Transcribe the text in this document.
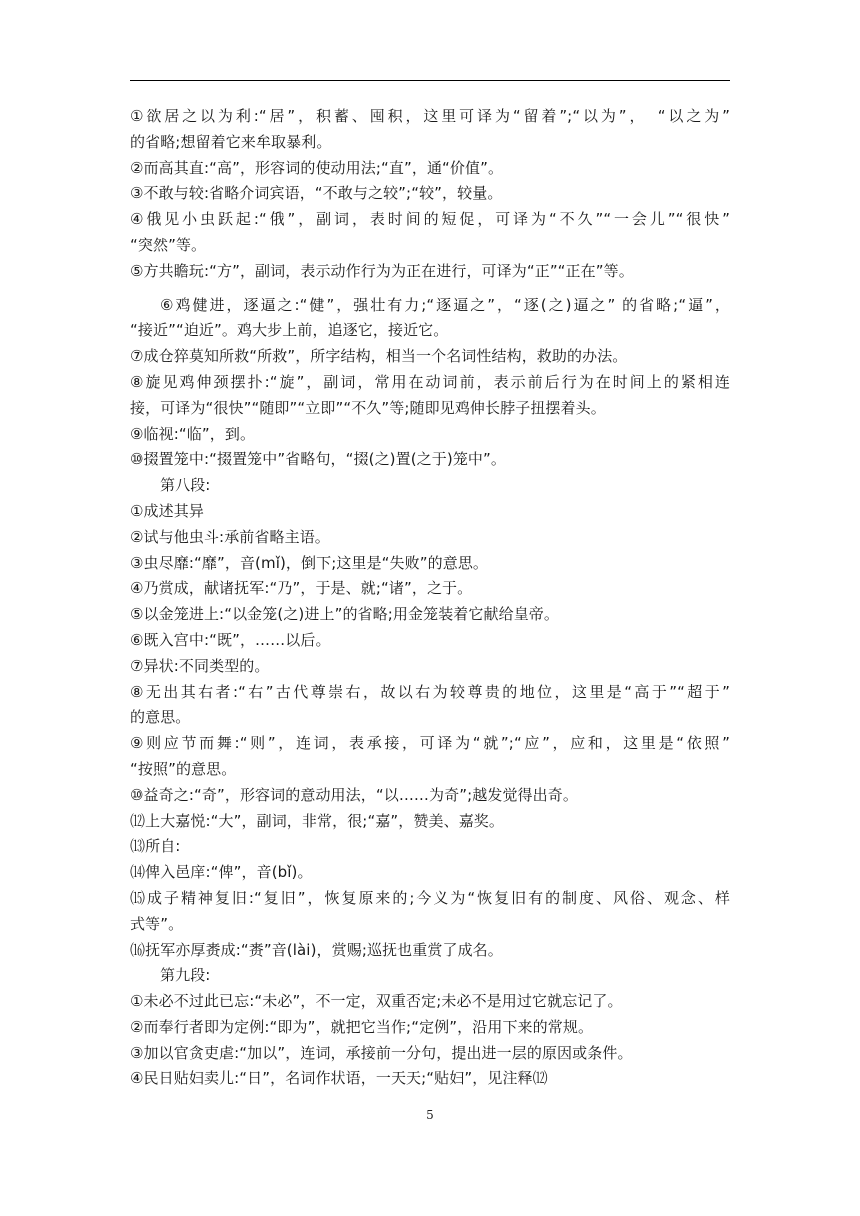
①欲居之以为利:“居”，积蓄、囤积，这里可译为“留着”;“以为”，　“以之为”
的省略;想留着它来牟取暴利。
②而高其直:“高”，形容词的使动用法;“直”，通“价值”。
③不敢与较:省略介词宾语，“不敢与之较”;“较”，较量。
④俄见小虫跃起:“俄”，副词，表时间的短促，可译为“不久”“一会儿”“很快”
“突然”等。
⑤方共瞻玩:“方”，副词，表示动作行为为正在进行，可译为“正”“正在”等。
⑥鸡健进，逐逼之:“健”，强壮有力;“逐逼之”，“逐(之)逼之” 的省略;“逼”，
“接近”“迫近”。鸡大步上前，追逐它，接近它。
⑦成仓猝莫知所救“所救”，所字结构，相当一个名词性结构，救助的办法。
⑧旋见鸡伸颈摆扑:“旋”，副词，常用在动词前，表示前后行为在时间上的紧相连
接，可译为“很快”“随即”“立即”“不久”等;随即见鸡伸长脖子扭摆着头。
⑨临视:“临”，到。
⑩掇置笼中:“掇置笼中”省略句，“掇(之)置(之于)笼中”。
第八段:
①成述其异
②试与他虫斗:承前省略主语。
③虫尽靡:“靡”，音(mǐ)，倒下;这里是“失败”的意思。
④乃赏成，献诸抚军:“乃”，于是、就;“诸”，之于。
⑤以金笼进上:“以金笼(之)进上”的省略;用金笼装着它献给皇帝。
⑥既入宫中:“既”，……以后。
⑦异状:不同类型的。
⑧无出其右者:“右”古代尊崇右，故以右为较尊贵的地位，这里是“高于”“超于”
的意思。
⑨则应节而舞:“则”，连词，表承接，可译为“就”;“应”，应和，这里是“依照”
“按照”的意思。
⑩益奇之:“奇”，形容词的意动用法，“以……为奇”;越发觉得出奇。
⑿上大嘉悦:“大”，副词，非常，很;“嘉”，赞美、嘉奖。
⒀所自:
⒁俾入邑庠:“俾”，音(bǐ)。
⒂成子精神复旧:“复旧”，恢复原来的;今义为“恢复旧有的制度、风俗、观念、样
式等”。
⒃抚军亦厚赉成:“赉”音(lài)，赏赐;巡抚也重赏了成名。
第九段:
①未必不过此已忘:“未必”，不一定，双重否定;未必不是用过它就忘记了。
②而奉行者即为定例:“即为”，就把它当作;“定例”，沿用下来的常规。
③加以官贪吏虐:“加以”，连词，承接前一分句，提出进一层的原因或条件。
④民日贴妇卖儿:“日”，名词作状语，一天天;“贴妇”，见注释⑿
5
